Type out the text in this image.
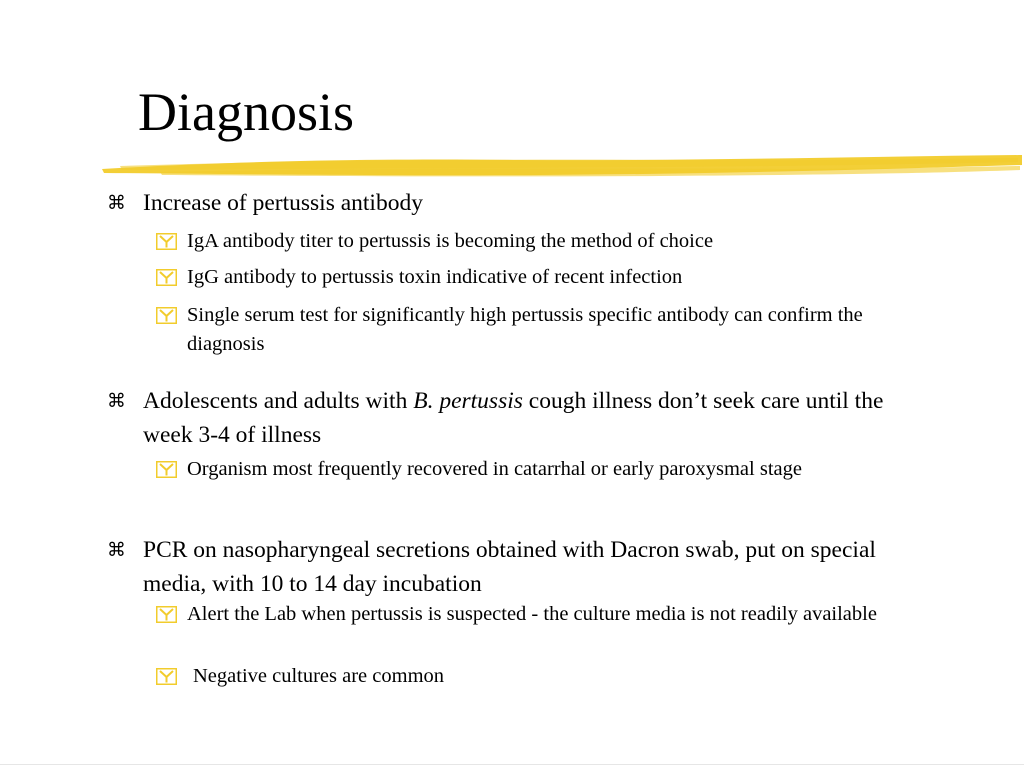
Diagnosis
⌘ Increase of pertussis antibody
IgA antibody titer to pertussis is becoming the method of choice
IgG antibody to pertussis toxin indicative of recent infection
Single serum test for significantly high pertussis specific antibody can confirm the diagnosis
⌘ Adolescents and adults with B. pertussis cough illness don’t seek care until the week 3-4 of illness
Organism most frequently recovered in catarrhal or early paroxysmal stage
⌘ PCR on nasopharyngeal secretions obtained with Dacron swab, put on special media, with 10 to 14 day incubation
Alert the Lab when pertussis is suspected - the culture media is not readily available
Negative cultures are common
